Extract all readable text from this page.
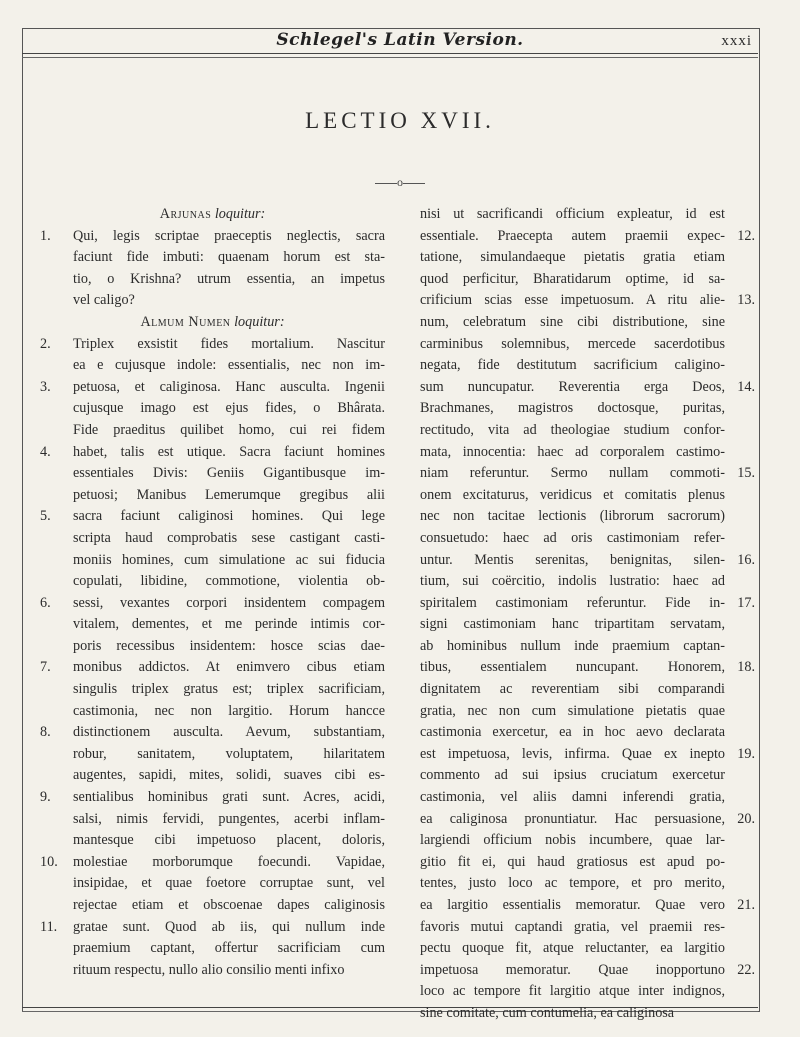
Schlegel's Latin Version.	xxxi
LECTIO XVII.
o
Arjunas loquitur:
Qui, legis scriptae praeceptis neglectis, sacra
1.
faciunt fide imbuti: quaenam horum est sta-
tio, o Krishna? utrum essentia, an impetus
vel caligo?
Almum Numen loquitur:
Triplex exsistit fides mortalium. Nascitur
2.
ea e cujusque indole: essentialis, nec non im-
petuosa, et caliginosa. Hanc ausculta. Ingenii
3.
cujusque imago est ejus fides, o Bhârata.
Fide praeditus quilibet homo, cui rei fidem
habet, talis est utique. Sacra faciunt homines
4.
essentiales Divis: Geniis Gigantibusque im-
petuosi; Manibus Lemerumque gregibus alii
sacra faciunt caliginosi homines. Qui lege
5.
scripta haud comprobatis sese castigant casti-
moniis homines, cum simulatione ac sui fiducia
copulati, libidine, commotione, violentia ob-
sessi, vexantes corpori insidentem compagem
6.
vitalem, dementes, et me perinde intimis cor-
poris recessibus insidentem: hosce scias dae-
monibus addictos. At enimvero cibus etiam
7.
singulis triplex gratus est; triplex sacrificiam,
castimonia, nec non largitio. Horum hancce
distinctionem ausculta. Aevum, substantiam,
8.
robur, sanitatem, voluptatem, hilaritatem
augentes, sapidi, mites, solidi, suaves cibi es-
sentialibus hominibus grati sunt. Acres, acidi,
9.
salsi, nimis fervidi, pungentes, acerbi inflam-
mantesque cibi impetuoso placent, doloris,
molestiae morborumque foecundi. Vapidae,
10.
insipidae, et quae foetore corruptae sunt, vel
rejectae etiam et obscoenae dapes caliginosis
gratae sunt. Quod ab iis, qui nullum inde
11.
praemium captant, offertur sacrificiam cum
rituum respectu, nullo alio consilio menti infixo
nisi ut sacrificandi officium expleatur, id est
essentiale. Praecepta autem praemii expec- 12.
tatione, simulandaeque pietatis gratia etiam
quod perficitur, Bharatidarum optime, id sa-
crificium scias esse impetuosum. A ritu alie- 13.
num, celebratum sine cibi distributione, sine
carminibus solemnibus, mercede sacerdotibus
negata, fide destitutum sacrificium caligino-
sum nuncupatur. Reverentia erga Deos, 14.
Brachmanes, magistros doctosque, puritas,
rectitudo, vita ad theologiae studium confor-
mata, innocentia: haec ad corporalem castimo-
niam referuntur. Sermo nullam commoti- 15.
onem excitaturus, veridicus et comitatis plenus
nec non tacitae lectionis (librorum sacrorum)
consuetudo: haec ad oris castimoniam refer-
untur. Mentis serenitas, benignitas, silen- 16.
tium, sui coërcitio, indolis lustratio: haec ad
spiritalem castimoniam referuntur. Fide in- 17.
signi castimoniam hanc tripartitam servatam,
ab hominibus nullum inde praemium captan-
tibus, essentialem nuncupant. Honorem, 18.
dignitatem ac reverentiam sibi comparandi
gratia, nec non cum simulatione pietatis quae
castimonia exercetur, ea in hoc aevo declarata
est impetuosa, levis, infirma. Quae ex inepto 19.
commento ad sui ipsius cruciatum exercetur
castimonia, vel aliis damni inferendi gratia,
ea caliginosa pronuntiatur. Hac persuasione, 20.
largiendi officium nobis incumbere, quae lar-
gitio fit ei, qui haud gratiosus est apud po-
tentes, justo loco ac tempore, et pro merito,
ea largitio essentialis memoratur. Quae vero 21.
favoris mutui captandi gratia, vel praemii res-
pectu quoque fit, atque reluctanter, ea largitio
impetuosa memoratur. Quae inopportuno 22.
loco ac tempore fit largitio atque inter indignos,
sine comitate, cum contumelia, ea caliginosa
